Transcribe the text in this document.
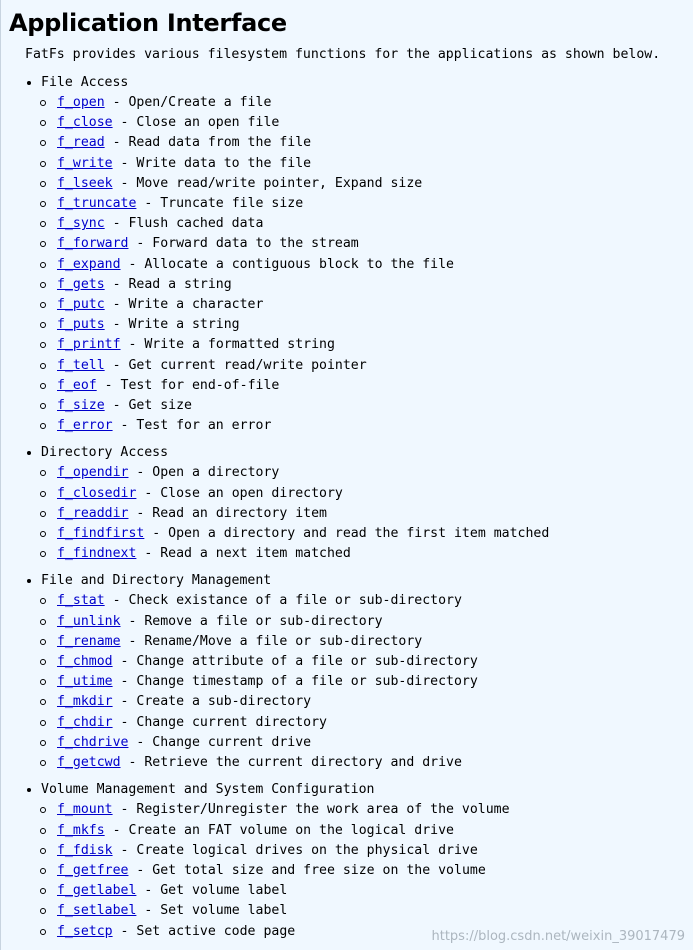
Application Interface

FatFs provides various filesystem functions for the applications as shown below.

File Access
f_open - Open/Create a file
f_close - Close an open file
f_read - Read data from the file
f_write - Write data to the file
f_lseek - Move read/write pointer, Expand size
f_truncate - Truncate file size
f_sync - Flush cached data
f_forward - Forward data to the stream
f_expand - Allocate a contiguous block to the file
f_gets - Read a string
f_putc - Write a character
f_puts - Write a string
f_printf - Write a formatted string
f_tell - Get current read/write pointer
f_eof - Test for end-of-file
f_size - Get size
f_error - Test for an error
Directory Access
f_opendir - Open a directory
f_closedir - Close an open directory
f_readdir - Read an directory item
f_findfirst - Open a directory and read the first item matched
f_findnext - Read a next item matched
File and Directory Management
f_stat - Check existance of a file or sub-directory
f_unlink - Remove a file or sub-directory
f_rename - Rename/Move a file or sub-directory
f_chmod - Change attribute of a file or sub-directory
f_utime - Change timestamp of a file or sub-directory
f_mkdir - Create a sub-directory
f_chdir - Change current directory
f_chdrive - Change current drive
f_getcwd - Retrieve the current directory and drive
Volume Management and System Configuration
f_mount - Register/Unregister the work area of the volume
f_mkfs - Create an FAT volume on the logical drive
f_fdisk - Create logical drives on the physical drive
f_getfree - Get total size and free size on the volume
f_getlabel - Get volume label
f_setlabel - Set volume label
f_setcp - Set active code page	https://blog.csdn.net/weixin_39017479
